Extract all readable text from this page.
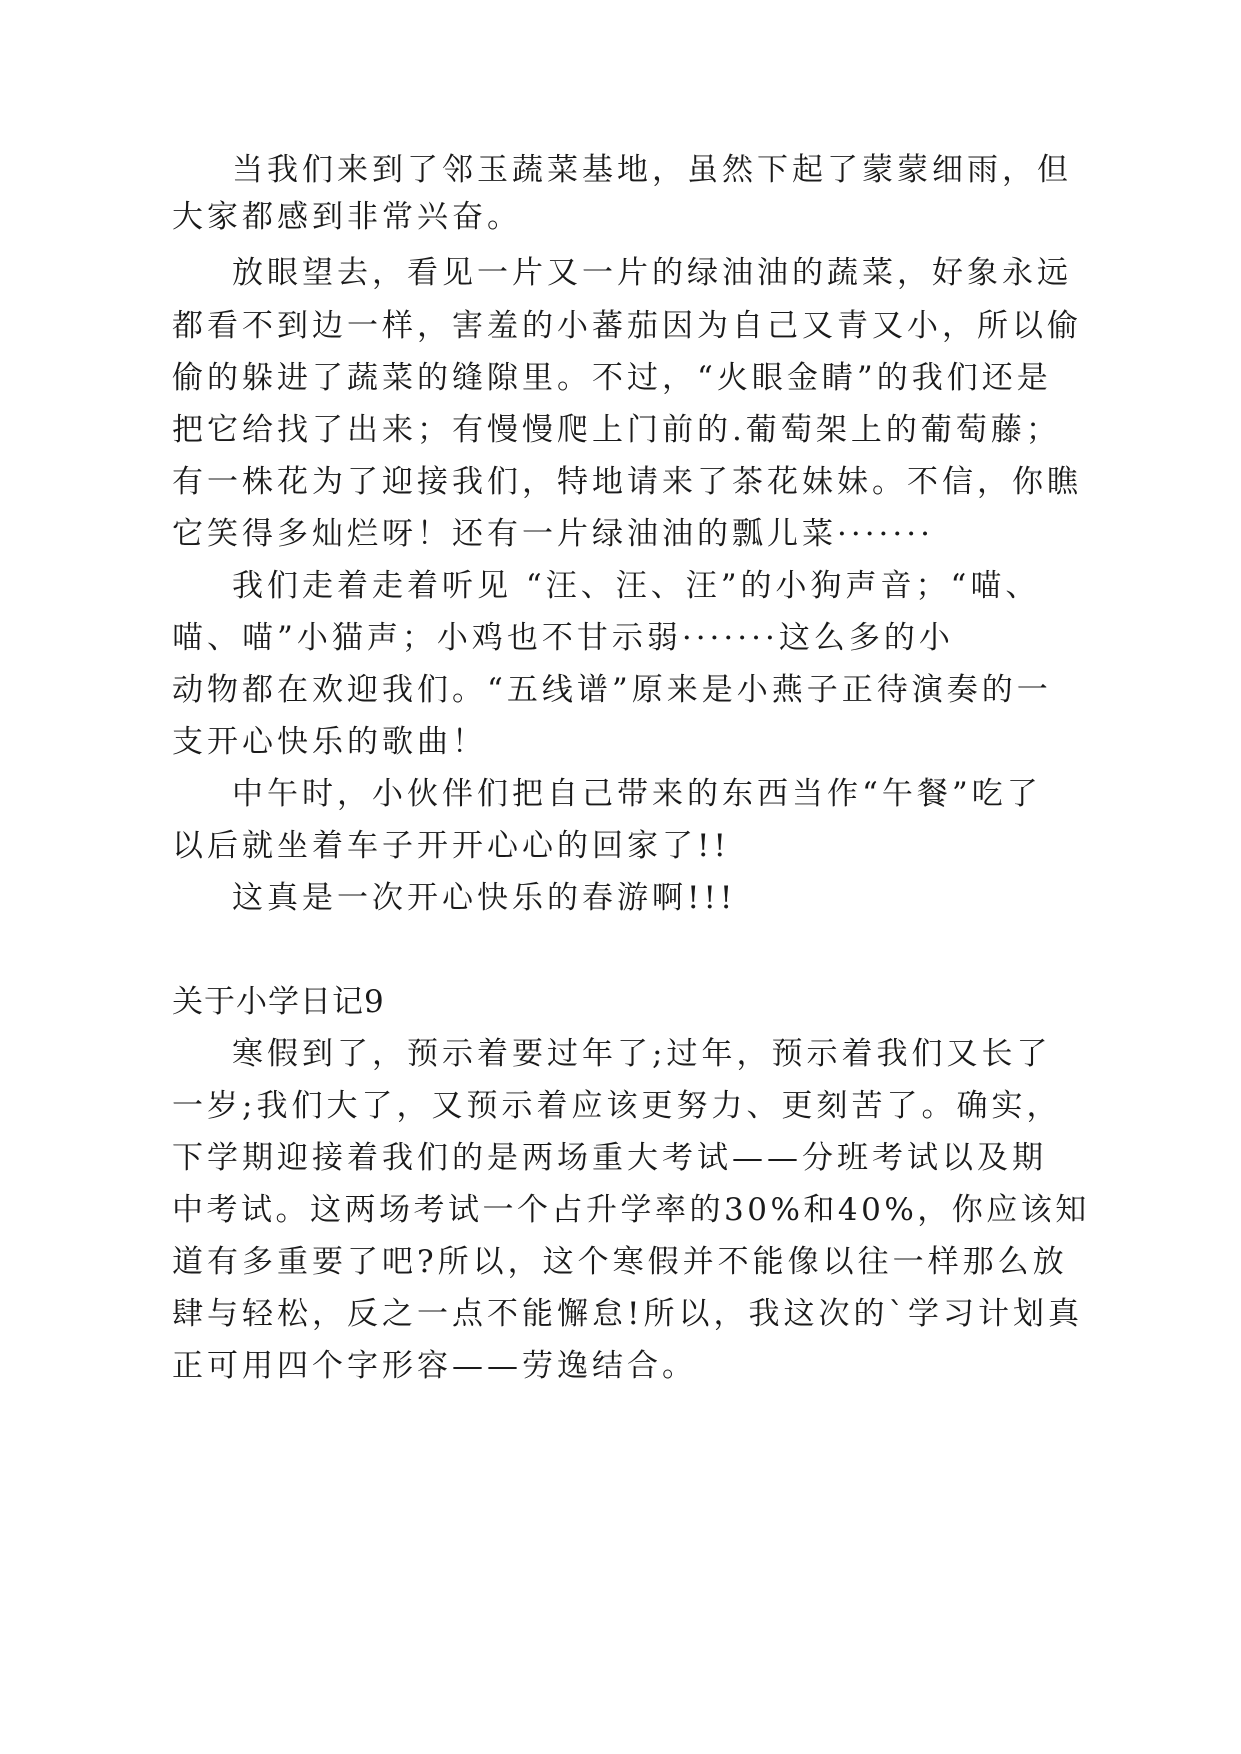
当我们来到了邻玉蔬菜基地，虽然下起了蒙蒙细雨，但
大家都感到非常兴奋。
放眼望去，看见一片又一片的绿油油的蔬菜，好象永远
都看不到边一样，害羞的小蕃茄因为自己又青又小，所以偷
偷的躲进了蔬菜的缝隙里。不过，“火眼金睛”的我们还是
把它给找了出来；有慢慢爬上门前的.葡萄架上的葡萄藤；
有一株花为了迎接我们，特地请来了茶花妹妹。不信，你瞧
它笑得多灿烂呀！还有一片绿油油的瓢儿菜·······
我们走着走着听见 “汪、汪、汪”的小狗声音；“喵、
喵、喵”小猫声；小鸡也不甘示弱·······这么多的小
动物都在欢迎我们。“五线谱”原来是小燕子正待演奏的一
支开心快乐的歌曲！
中午时，小伙伴们把自己带来的东西当作“午餐”吃了
以后就坐着车子开开心心的回家了!!
这真是一次开心快乐的春游啊!!!
关于小学日记9
寒假到了，预示着要过年了;过年，预示着我们又长了
一岁;我们大了，又预示着应该更努力、更刻苦了。确实，
下学期迎接着我们的是两场重大考试——分班考试以及期
中考试。这两场考试一个占升学率的30%和40%，你应该知
道有多重要了吧?所以，这个寒假并不能像以往一样那么放
肆与轻松，反之一点不能懈怠!所以，我这次的`学习计划真
正可用四个字形容——劳逸结合。
